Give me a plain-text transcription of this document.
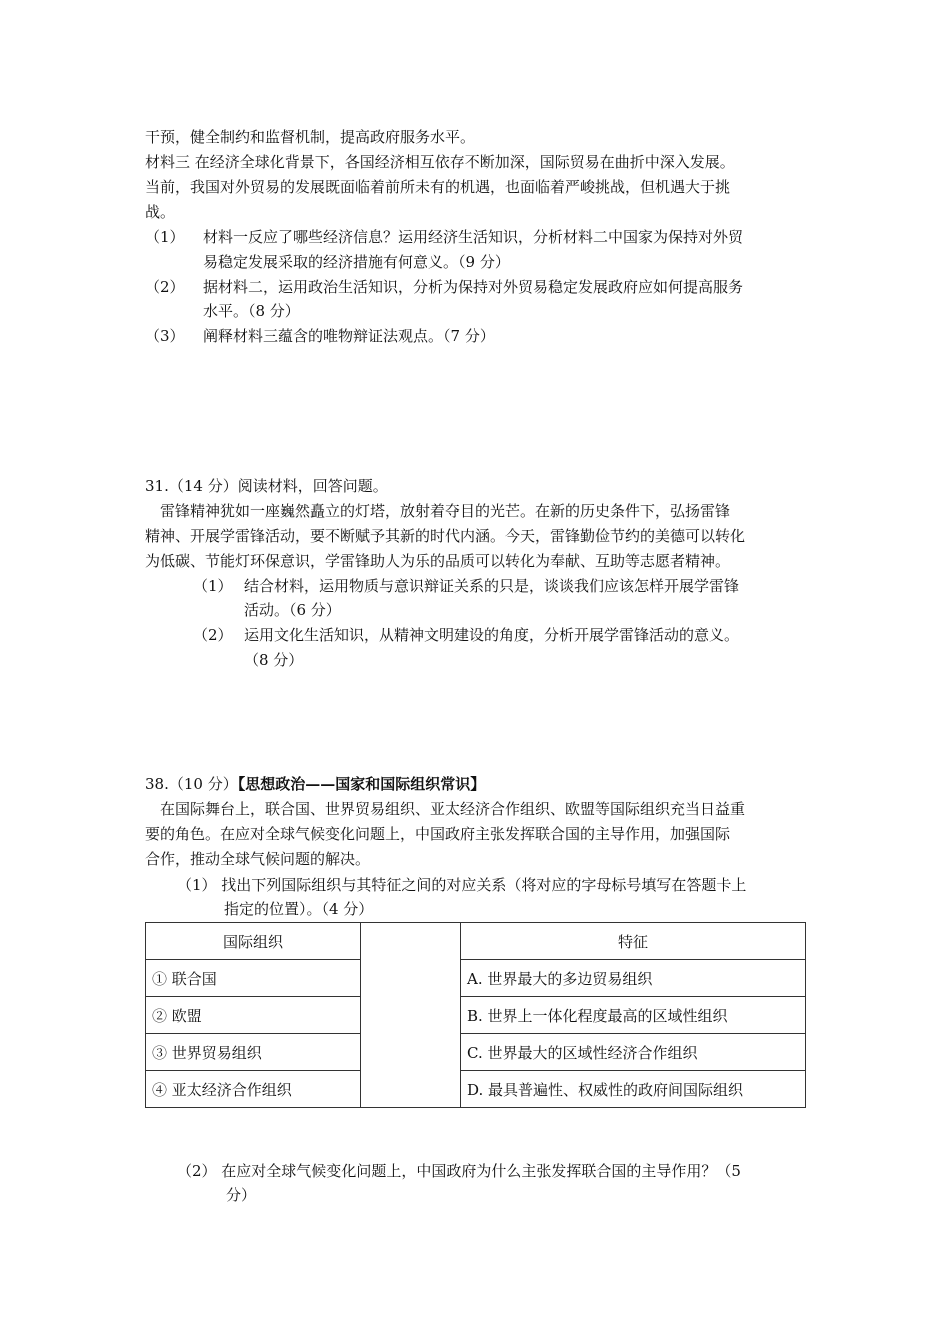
干预，健全制约和监督机制，提高政府服务水平。
材料三 在经济全球化背景下，各国经济相互依存不断加深，国际贸易在曲折中深入发展。
当前，我国对外贸易的发展既面临着前所未有的机遇，也面临着严峻挑战，但机遇大于挑
战。
（1） 材料一反应了哪些经济信息？运用经济生活知识，分析材料二中国家为保持对外贸
易稳定发展采取的经济措施有何意义。（9 分）
（2） 据材料二，运用政治生活知识，分析为保持对外贸易稳定发展政府应如何提高服务
水平。（8 分）
（3） 阐释材料三蕴含的唯物辩证法观点。（7 分）
31.（14 分）阅读材料，回答问题。
雷锋精神犹如一座巍然矗立的灯塔，放射着夺目的光芒。在新的历史条件下，弘扬雷锋
精神、开展学雷锋活动，要不断赋予其新的时代内涵。今天，雷锋勤俭节约的美德可以转化
为低碳、节能灯环保意识，学雷锋助人为乐的品质可以转化为奉献、互助等志愿者精神。
（1） 结合材料，运用物质与意识辩证关系的只是，谈谈我们应该怎样开展学雷锋
活动。（6 分）
（2） 运用文化生活知识，从精神文明建设的角度，分析开展学雷锋活动的意义。
（8 分）
38.（10 分）【思想政治——国家和国际组织常识】
在国际舞台上，联合国、世界贸易组织、亚太经济合作组织、欧盟等国际组织充当日益重
要的角色。在应对全球气候变化问题上，中国政府主张发挥联合国的主导作用，加强国际
合作，推动全球气候问题的解决。
（1） 找出下列国际组织与其特征之间的对应关系（将对应的字母标号填写在答题卡上
指定的位置）。（4 分）
国际组织		特征
① 联合国		A. 世界最大的多边贸易组织
② 欧盟		B. 世界上一体化程度最高的区域性组织
③ 世界贸易组织		C. 世界最大的区域性经济合作组织
④ 亚太经济合作组织		D. 最具普遍性、权威性的政府间国际组织
（2） 在应对全球气候变化问题上，中国政府为什么主张发挥联合国的主导作用？（5
分）
